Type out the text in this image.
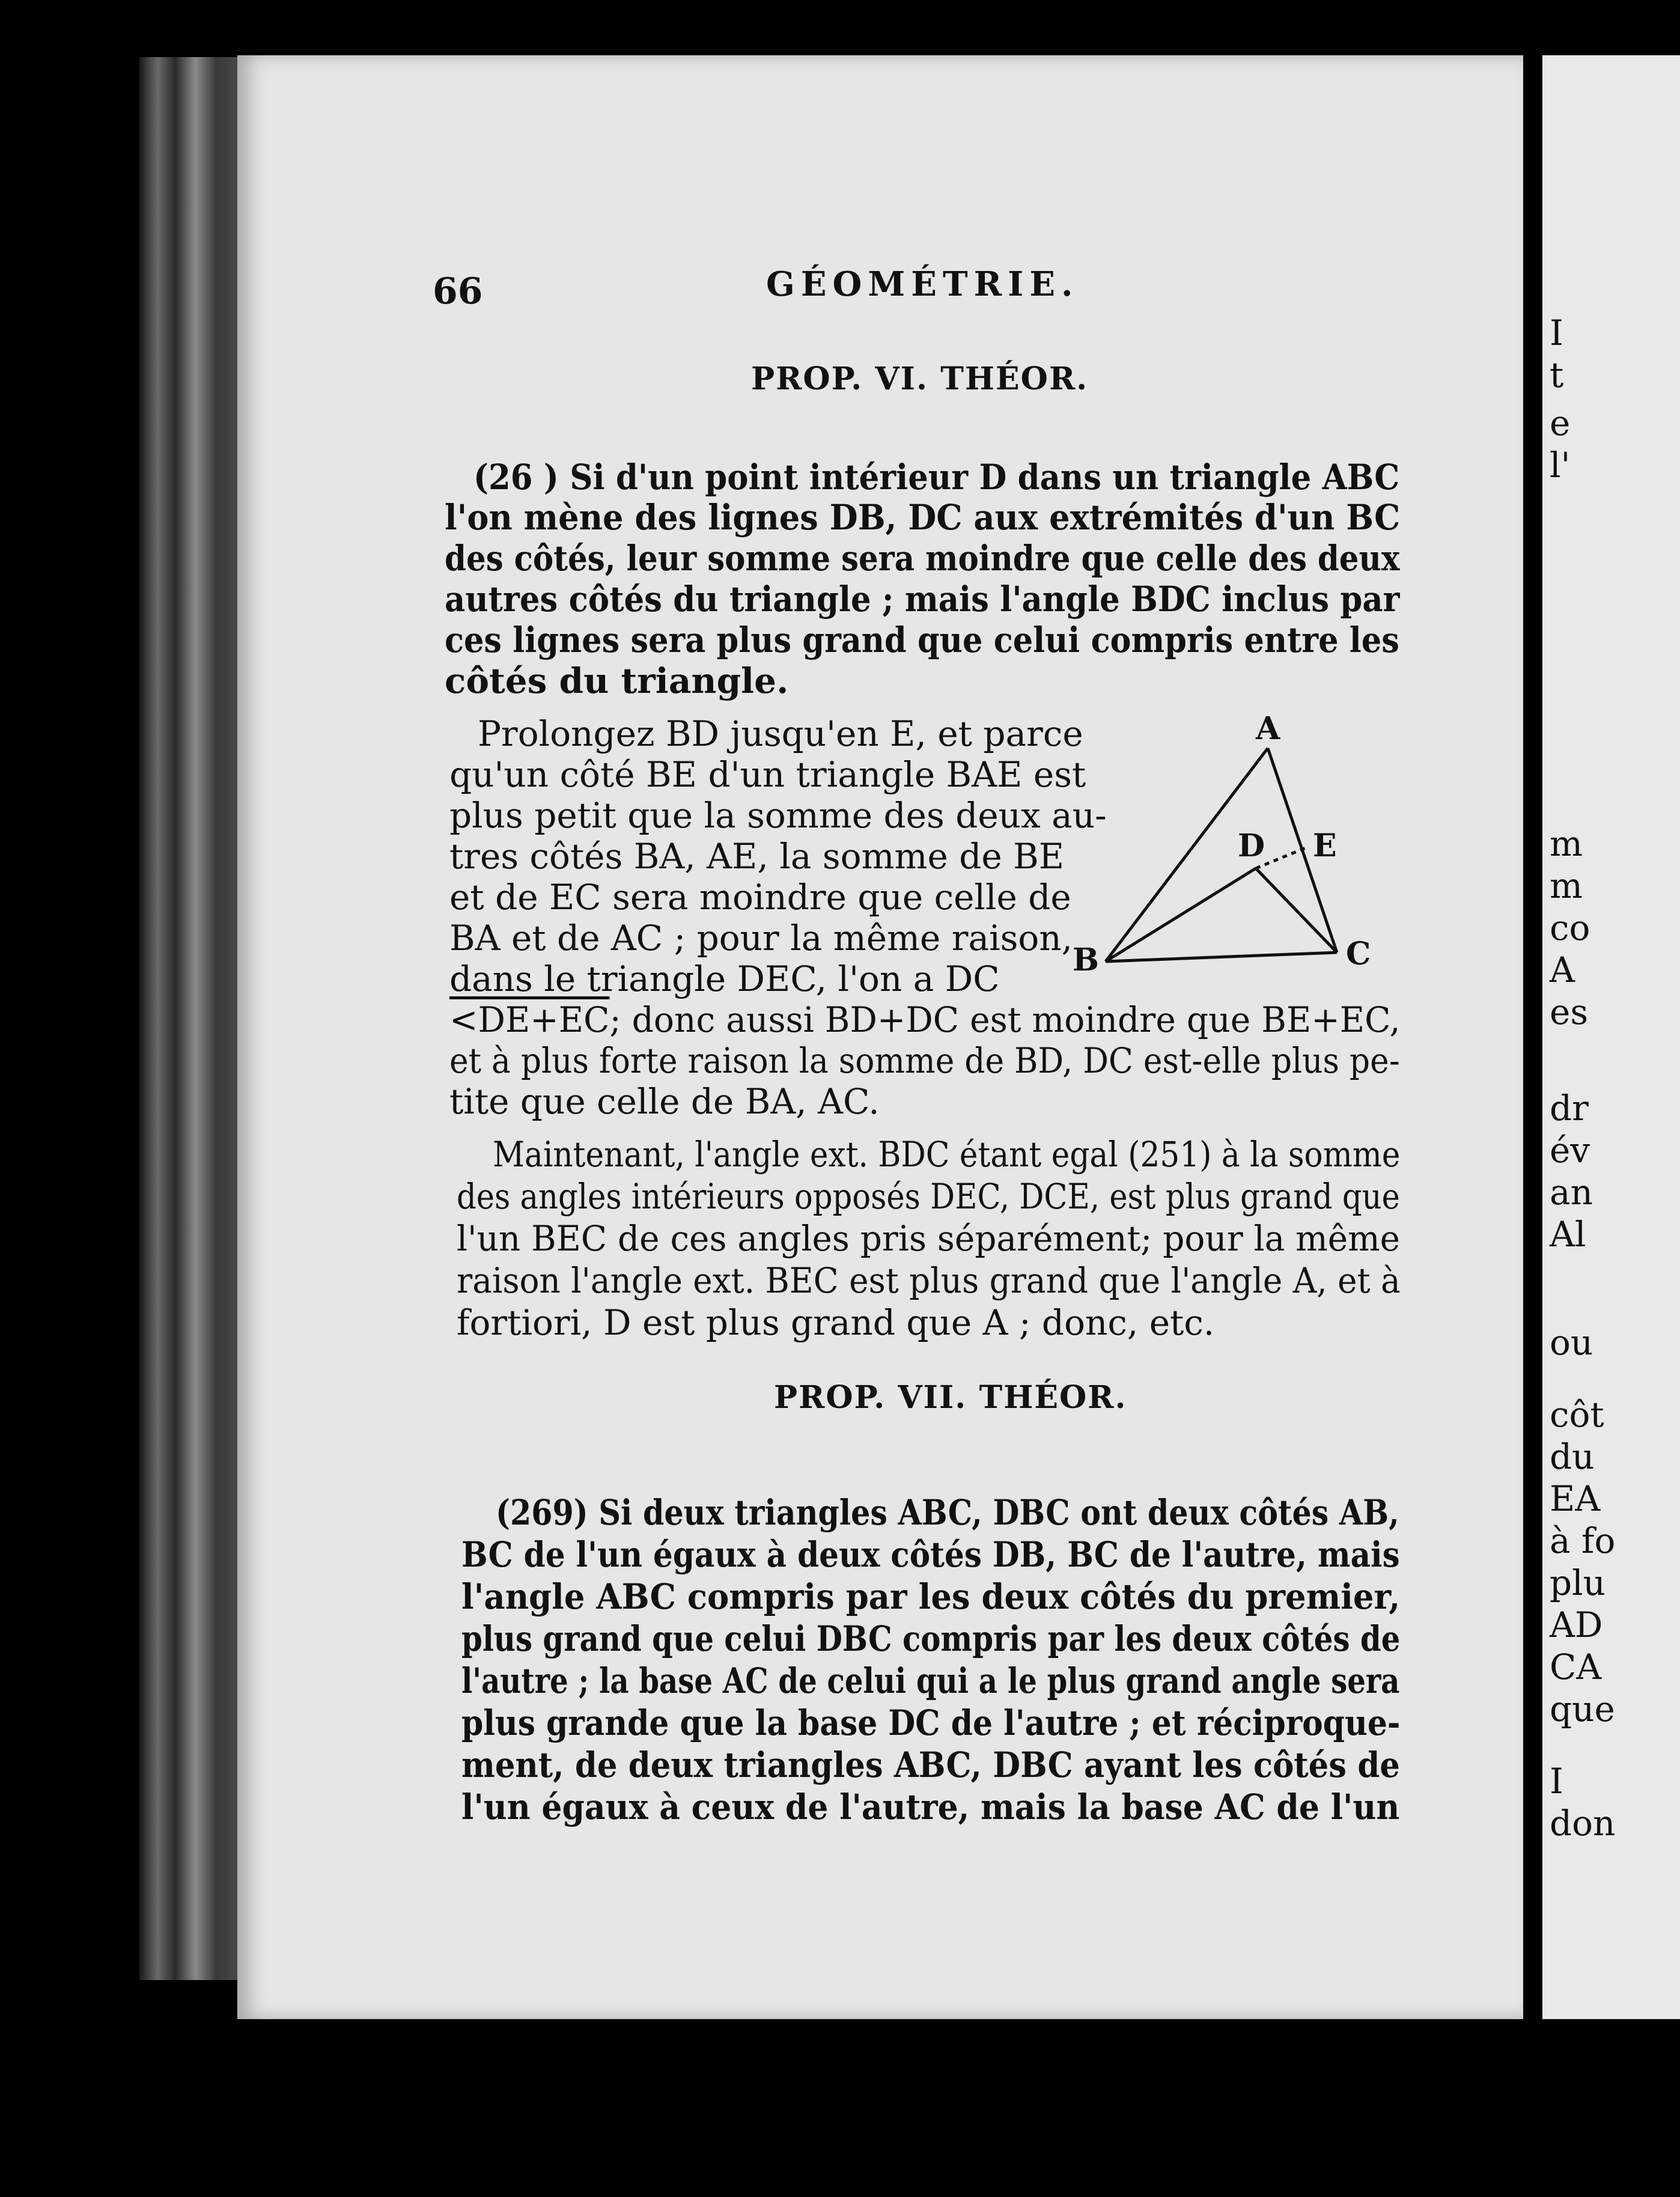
I
t
e
l'
m
m
co
A
es
dr
év
an
Al
ou
côt
du
EA
à fo
plu
AD
CA
que
I
don
66	GÉOMÉTRIE.
PROP. VI. THÉOR.
(26 ) Si d'un point intérieur D dans un triangle ABC
l'on mène des lignes DB, DC aux extrémités d'un BC
des côtés, leur somme sera moindre que celle des deux
autres côtés du triangle ; mais l'angle BDC inclus par
ces lignes sera plus grand que celui compris entre les
côtés du triangle.
Prolongez BD jusqu'en E, et parce
qu'un côté BE d'un triangle BAE est
plus petit que la somme des deux au-
tres côtés BA, AE, la somme de BE
et de EC sera moindre que celle de
BA et de AC ; pour la même raison,
dans le triangle DEC, l'on a DC
<DE+EC; donc aussi BD+DC est moindre que BE+EC,
et à plus forte raison la somme de BD, DC est-elle plus pe-
tite que celle de BA, AC.
Maintenant, l'angle ext. BDC étant egal (251) à la somme
des angles intérieurs opposés DEC, DCE, est plus grand que
l'un BEC de ces angles pris séparément; pour la même
raison l'angle ext. BEC est plus grand que l'angle A, et à
fortiori, D est plus grand que A ; donc, etc.
A
B	C
D E
PROP. VII. THÉOR.
(269) Si deux triangles ABC, DBC ont deux côtés AB,
BC de l'un égaux à deux côtés DB, BC de l'autre, mais
l'angle ABC compris par les deux côtés du premier,
plus grand que celui DBC compris par les deux côtés de
l'autre ; la base AC de celui qui a le plus grand angle sera
plus grande que la base DC de l'autre ; et réciproque-
ment, de deux triangles ABC, DBC ayant les côtés de
l'un égaux à ceux de l'autre, mais la base AC de l'un
